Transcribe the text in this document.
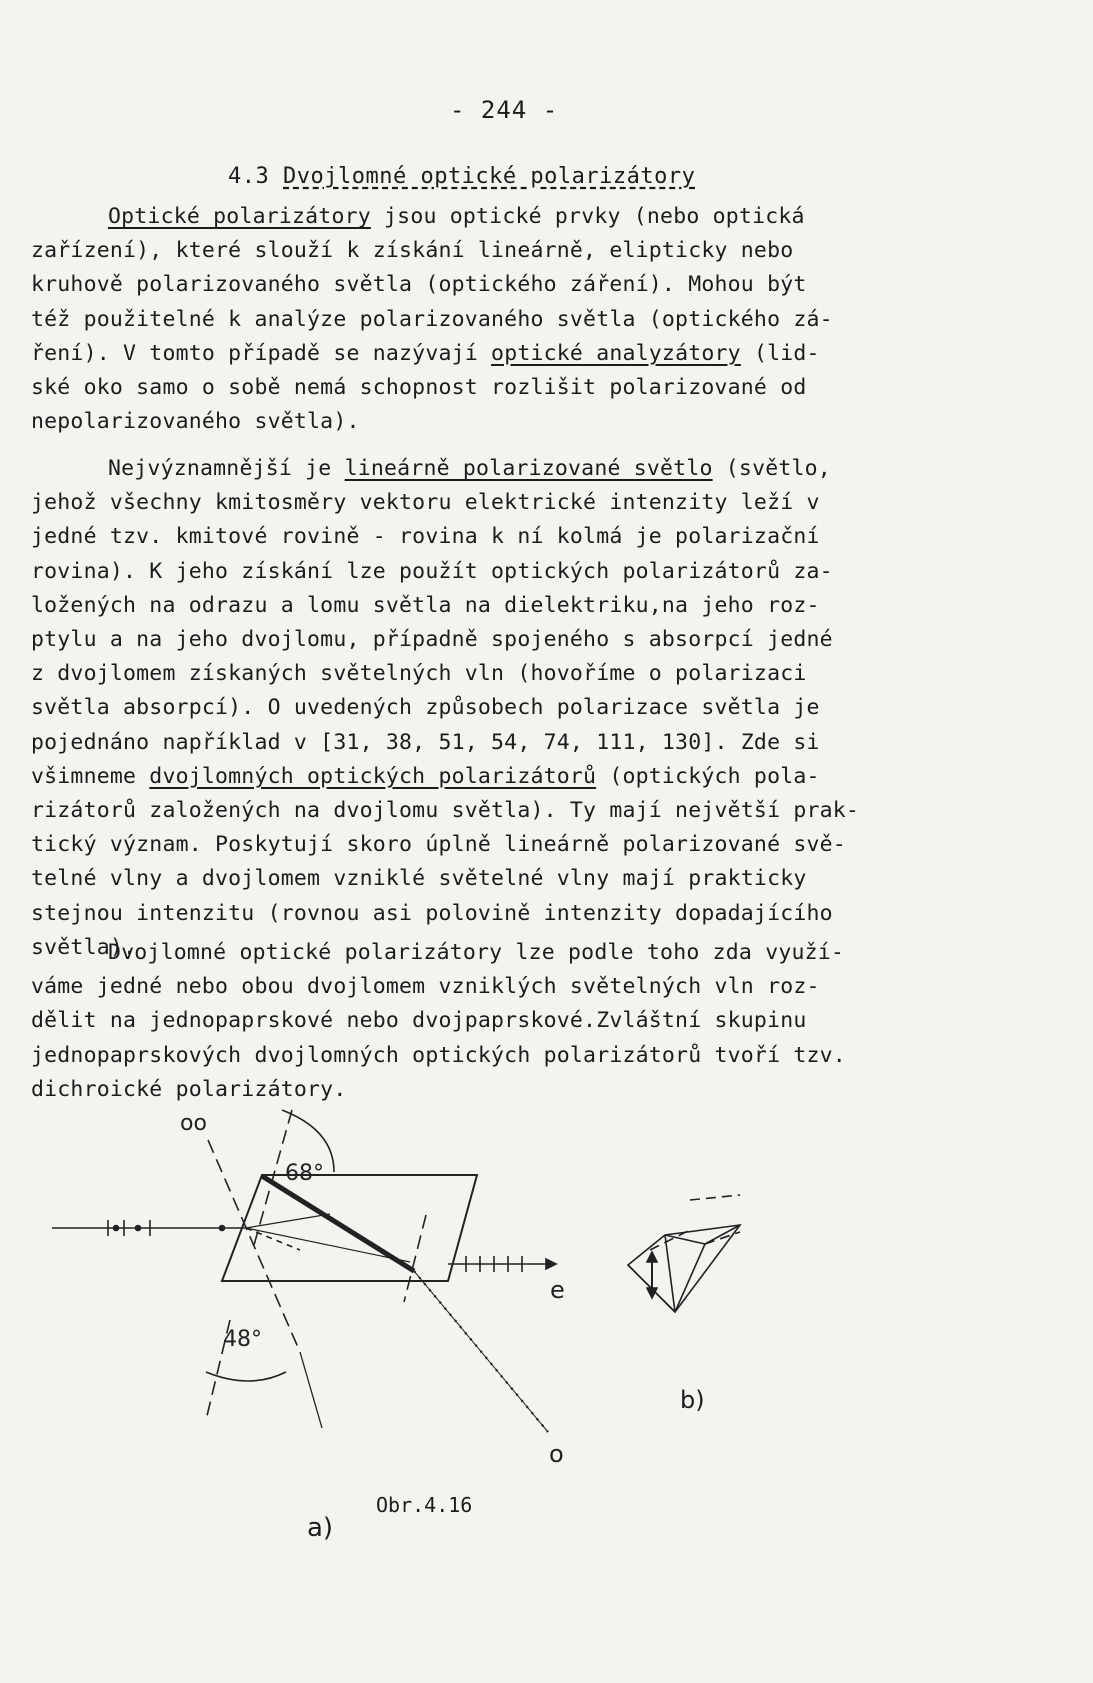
- 244 -
4.3 Dvojlomné optické polarizátory
Optické polarizátory jsou optické prvky (nebo optická
zařízení), které slouží k získání lineárně, elipticky nebo
kruhově polarizovaného světla (optického záření). Mohou být
též použitelné k analýze polarizovaného světla (optického zá-
ření). V tomto případě se nazývají optické analyzátory (lid-
ské oko samo o sobě nemá schopnost rozlišit polarizované od
nepolarizovaného světla).
Nejvýznamnější je lineárně polarizované světlo (světlo,
jehož všechny kmitosměry vektoru elektrické intenzity leží v
jedné tzv. kmitové rovině - rovina k ní kolmá je polarizační
rovina). K jeho získání lze použít optických polarizátorů za-
ložených na odrazu a lomu světla na dielektriku,na jeho roz-
ptylu a na jeho dvojlomu, případně spojeného s absorpcí jedné
z dvojlomem získaných světelných vln (hovoříme o polarizaci
světla absorpcí). O uvedených způsobech polarizace světla je
pojednáno například v [31, 38, 51, 54, 74, 111, 130]. Zde si
všimneme dvojlomných optických polarizátorů (optických pola-
rizátorů založených na dvojlomu světla). Ty mají největší prak-
tický význam. Poskytují skoro úplně lineárně polarizované svě-
telné vlny a dvojlomem vzniklé světelné vlny mají prakticky
stejnou intenzitu (rovnou asi polovině intenzity dopadajícího
světla).
Dvojlomné optické polarizátory lze podle toho zda využí-
váme jedné nebo obou dvojlomem vzniklých světelných vln roz-
dělit na jednopaprskové nebo dvojpaprskové.Zvláštní skupinu
jednopaprskových dvojlomných optických polarizátorů tvoří tzv.
dichroické polarizátory.
68°
48°
oo
e
o
b)
a)
Obr.4.16
